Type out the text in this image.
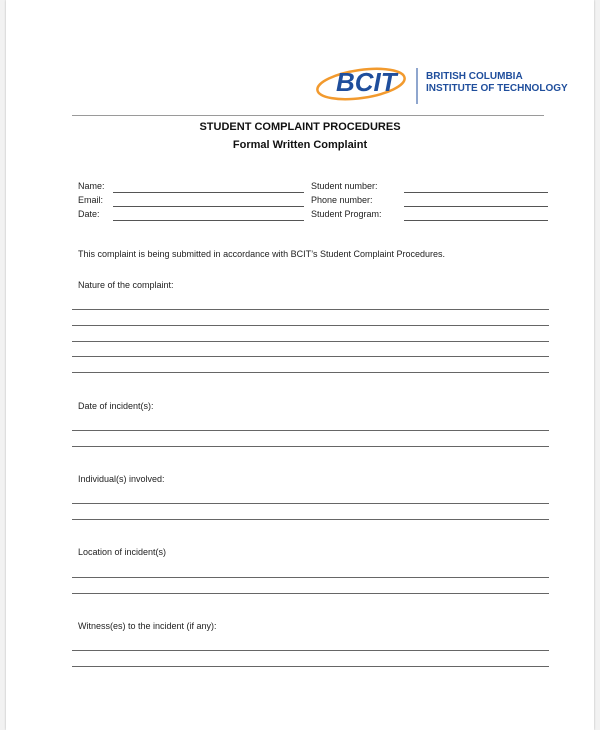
BCIT	BRITISH COLUMBIA
INSTITUTE OF TECHNOLOGY
STUDENT COMPLAINT PROCEDURES
Formal Written Complaint
Name:
Email:
Date:
Student number:
Phone number:
Student Program:
This complaint is being submitted in accordance with BCIT’s Student Complaint Procedures.
Nature of the complaint:
Date of incident(s):
Individual(s) involved:
Location of incident(s)
Witness(es) to the incident (if any):
